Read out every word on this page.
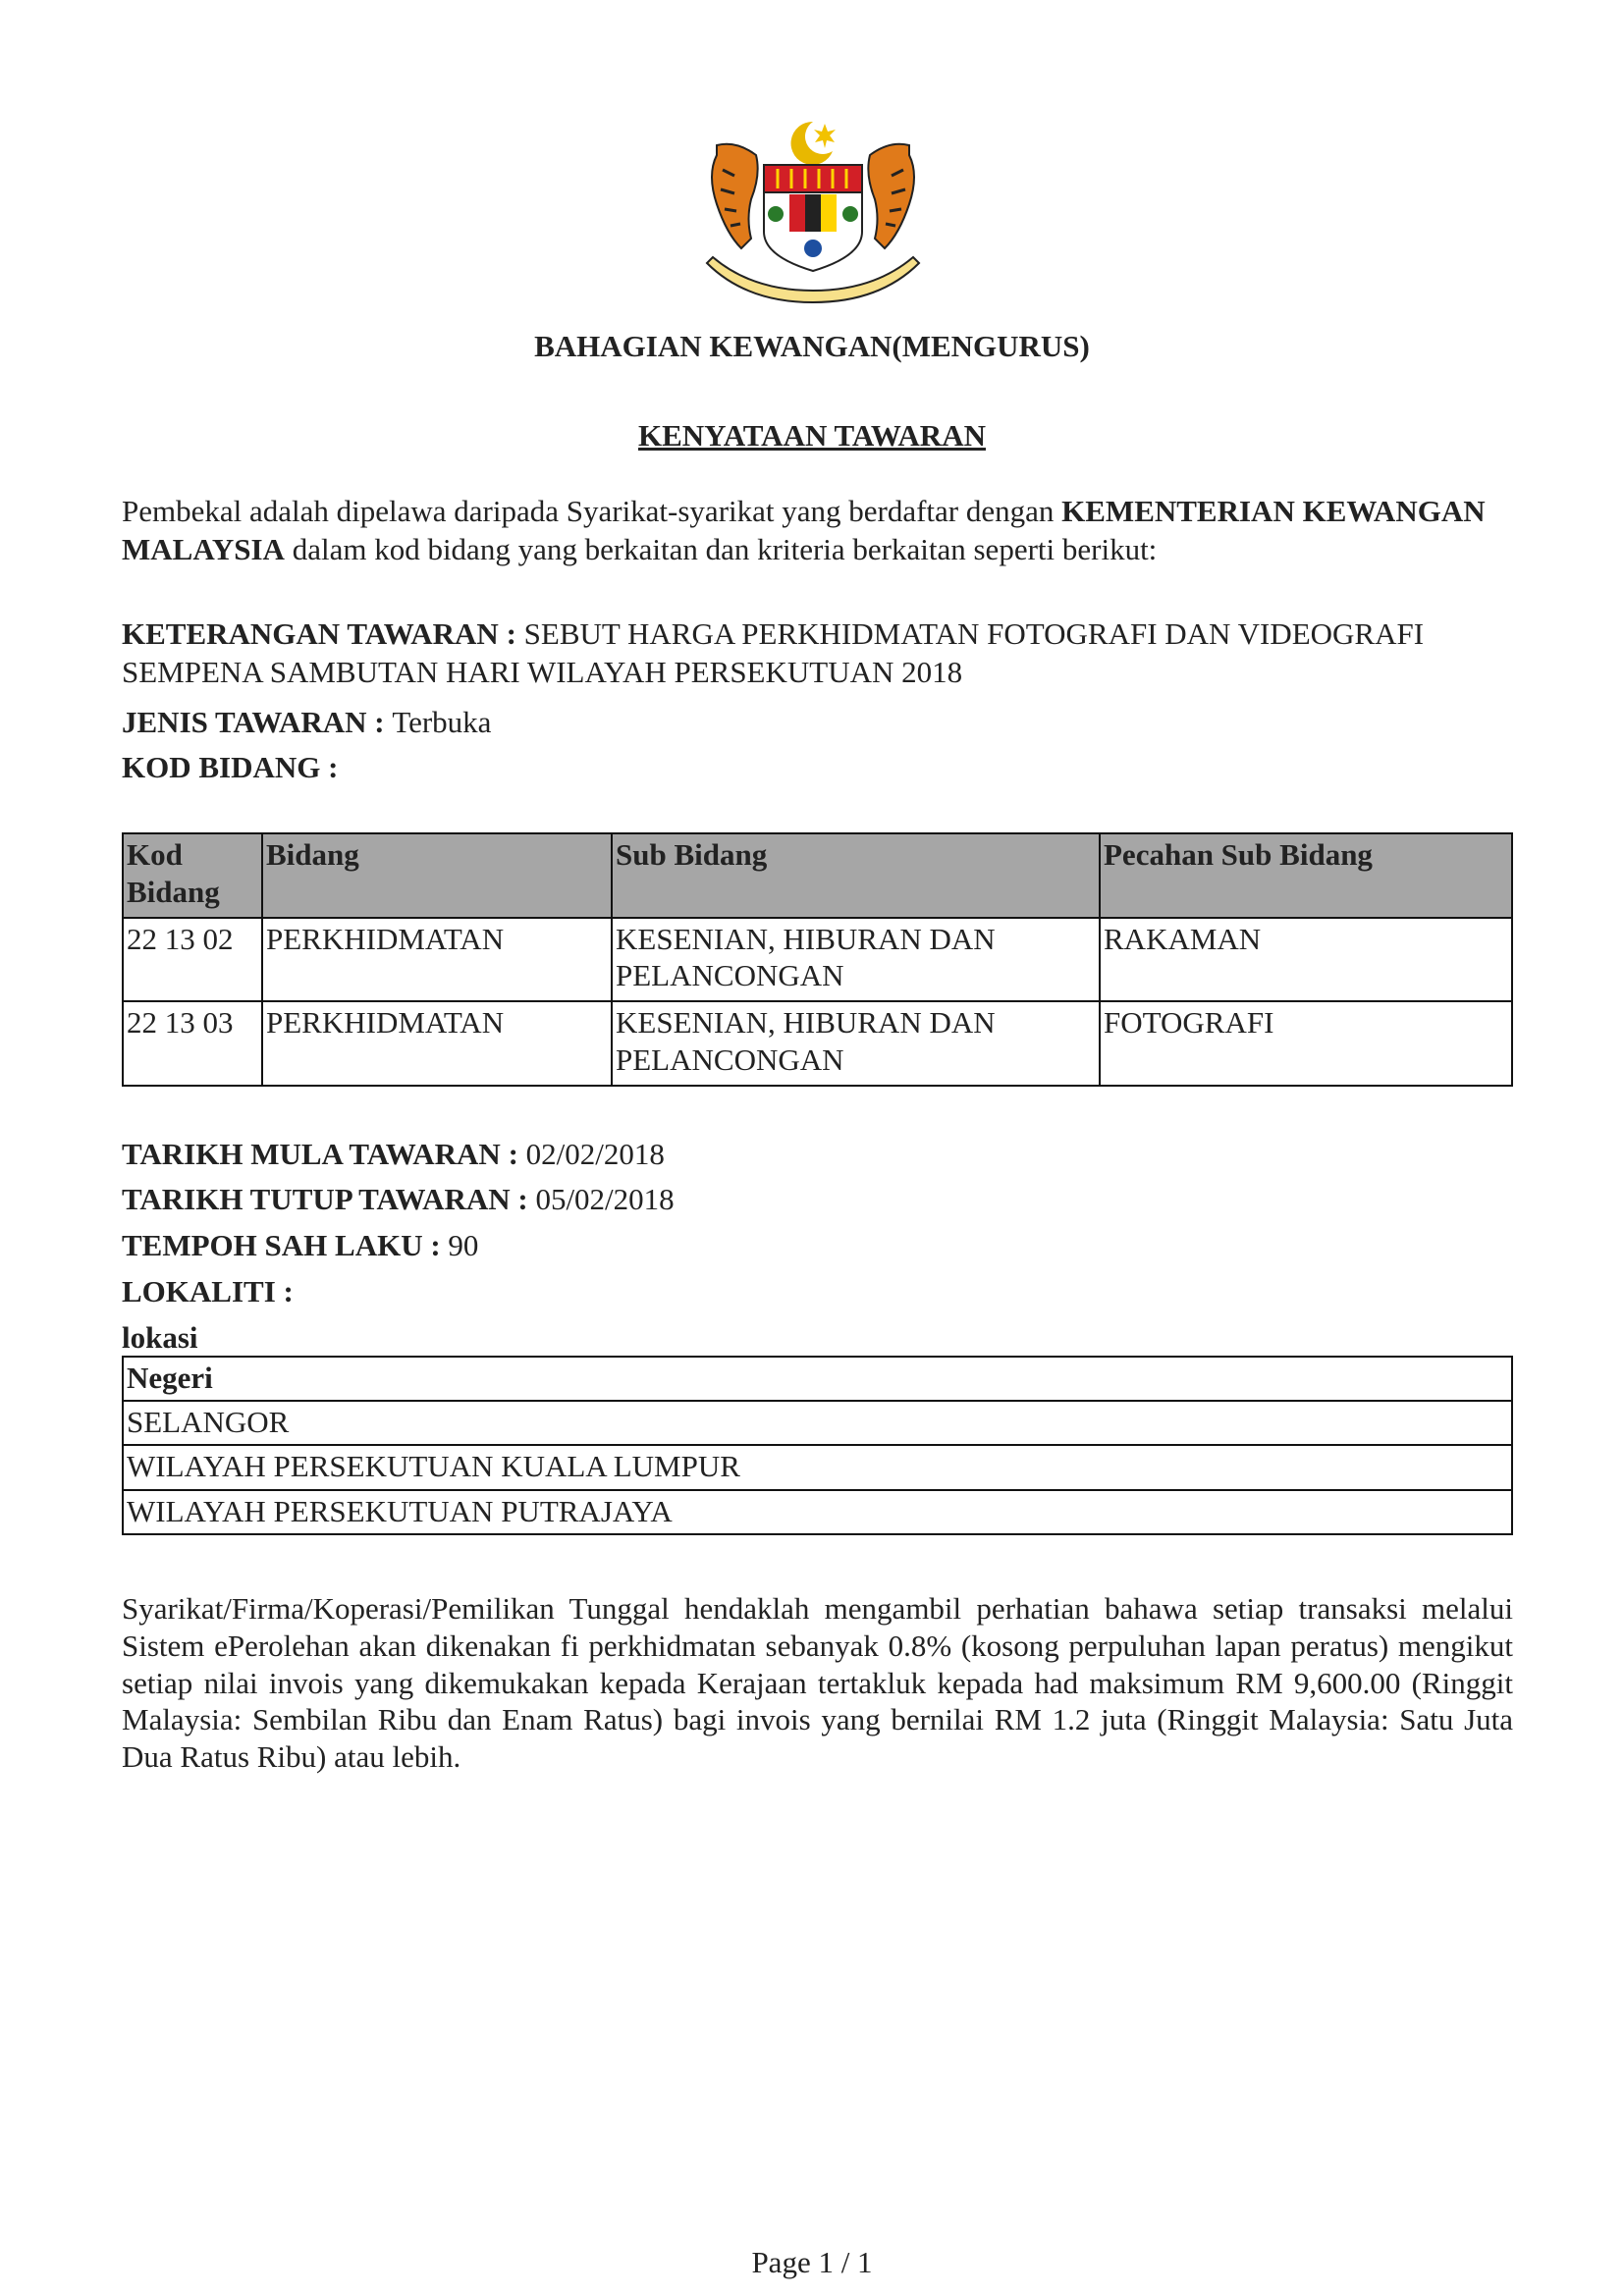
BAHAGIAN KEWANGAN(MENGURUS)
KENYATAAN TAWARAN
Pembekal adalah dipelawa daripada Syarikat-syarikat yang berdaftar dengan KEMENTERIAN KEWANGAN MALAYSIA dalam kod bidang yang berkaitan dan kriteria berkaitan seperti berikut:
KETERANGAN TAWARAN : SEBUT HARGA PERKHIDMATAN FOTOGRAFI DAN VIDEOGRAFI SEMPENA SAMBUTAN HARI WILAYAH PERSEKUTUAN 2018
JENIS TAWARAN : Terbuka
KOD BIDANG :
Kod Bidang	Bidang	Sub Bidang	Pecahan Sub Bidang
22 13 02	PERKHIDMATAN	KESENIAN, HIBURAN DAN PELANCONGAN	RAKAMAN
22 13 03	PERKHIDMATAN	KESENIAN, HIBURAN DAN PELANCONGAN	FOTOGRAFI
TARIKH MULA TAWARAN : 02/02/2018
TARIKH TUTUP TAWARAN : 05/02/2018
TEMPOH SAH LAKU : 90
LOKALITI :
lokasi
Negeri
SELANGOR
WILAYAH PERSEKUTUAN KUALA LUMPUR
WILAYAH PERSEKUTUAN PUTRAJAYA
Syarikat/Firma/Koperasi/Pemilikan Tunggal hendaklah mengambil perhatian bahawa setiap transaksi melalui Sistem ePerolehan akan dikenakan fi perkhidmatan sebanyak 0.8% (kosong perpuluhan lapan peratus) mengikut setiap nilai invois yang dikemukakan kepada Kerajaan tertakluk kepada had maksimum RM 9,600.00 (Ringgit Malaysia: Sembilan Ribu dan Enam Ratus) bagi invois yang bernilai RM 1.2 juta (Ringgit Malaysia: Satu Juta Dua Ratus Ribu) atau lebih.
Page 1 / 1
